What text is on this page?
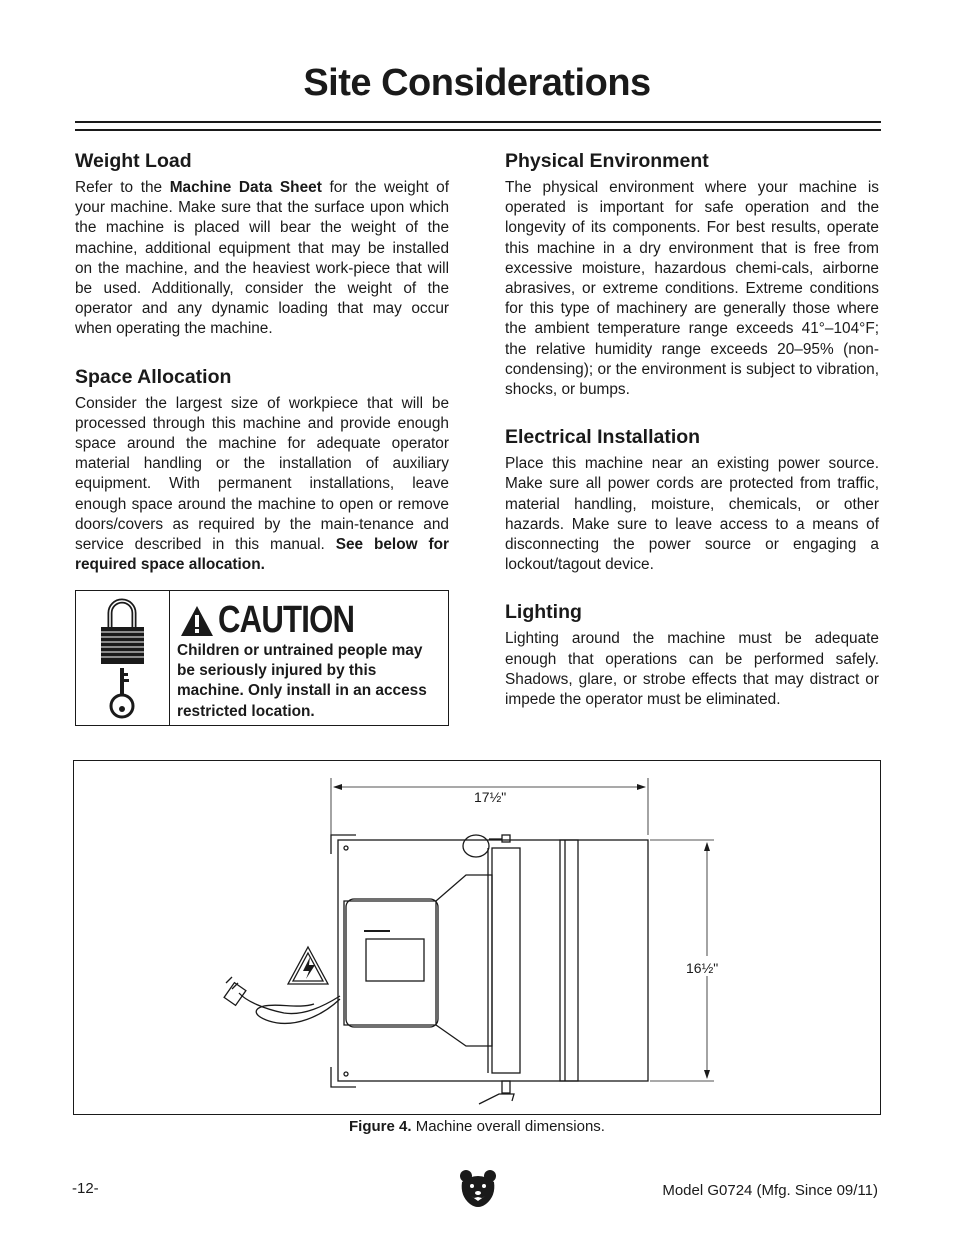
Site Considerations
Weight Load

Refer to the Machine Data Sheet for the weight of your machine. Make sure that the surface upon which the machine is placed will bear the weight of the machine, additional equipment that may be installed on the machine, and the heaviest work-piece that will be used. Additionally, consider the weight of the operator and any dynamic loading that may occur when operating the machine.

Space Allocation

Consider the largest size of workpiece that will be processed through this machine and provide enough space around the machine for adequate operator material handling or the installation of auxiliary equipment. With permanent installations, leave enough space around the machine to open or remove doors/covers as required by the main-tenance and service described in this manual. See below for required space allocation.

CAUTION
Children or untrained people may be seriously injured by this machine. Only install in an access restricted location.
Physical Environment

The physical environment where your machine is operated is important for safe operation and the longevity of its components. For best results, operate this machine in a dry environment that is free from excessive moisture, hazardous chemi-cals, airborne abrasives, or extreme conditions. Extreme conditions for this type of machinery are generally those where the ambient temperature range exceeds 41°–104°F; the relative humidity range exceeds 20–95% (non-condensing); or the environment is subject to vibration, shocks, or bumps.

Electrical Installation

Place this machine near an existing power source. Make sure all power cords are protected from traffic, material handling, moisture, chemicals, or other hazards. Make sure to leave access to a means of disconnecting the power source or engaging a lockout/tagout device.

Lighting

Lighting around the machine must be adequate enough that operations can be performed safely. Shadows, glare, or strobe effects that may distract or impede the operator must be eliminated.

17½"
16½"
Figure 4. Machine overall dimensions.
-12-	Model G0724 (Mfg. Since 09/11)
